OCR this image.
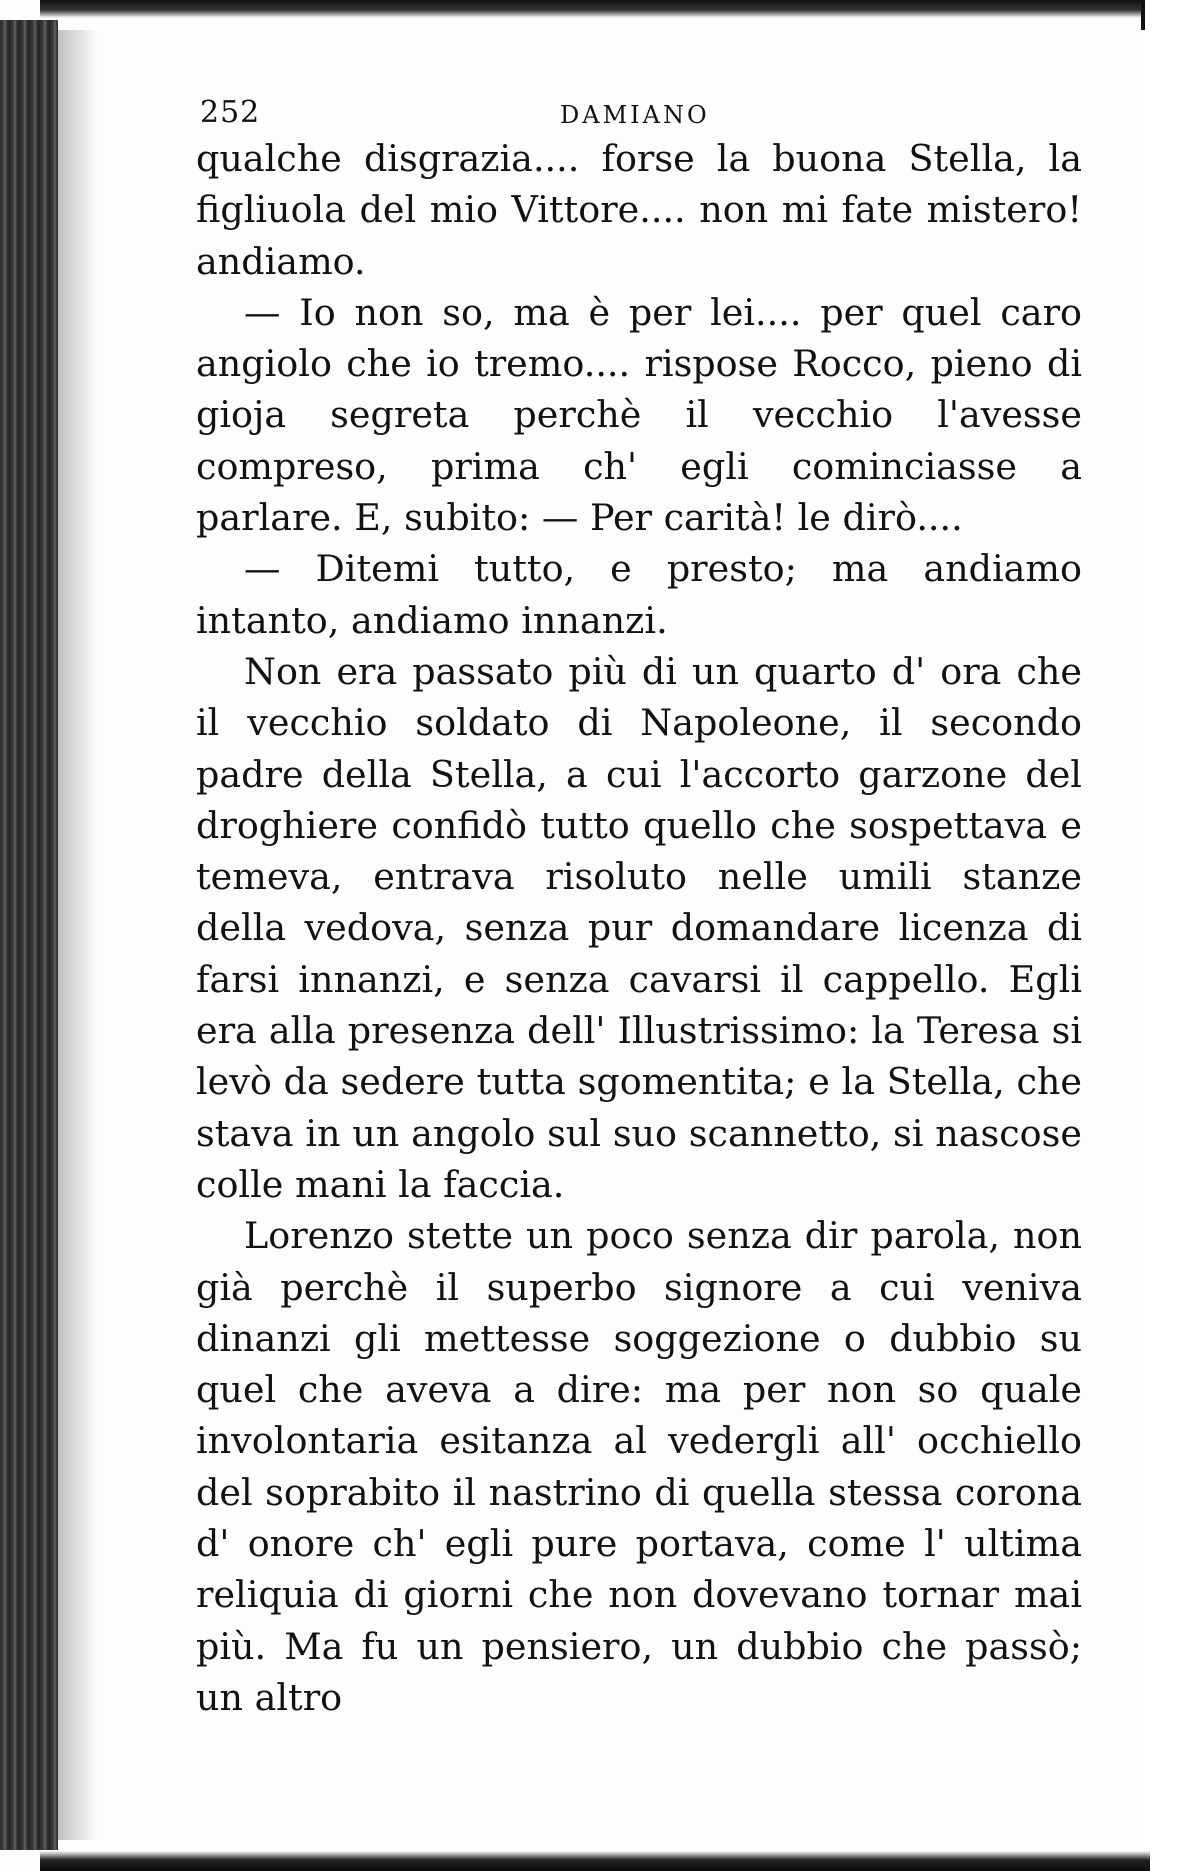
252	DAMIANO

qualche disgrazia.... forse la buona Stella, la figliuola del mio Vittore.... non mi fate mistero! andiamo.

— Io non so, ma è per lei.... per quel caro angiolo che io tremo.... rispose Rocco, pieno di gioja segreta perchè il vecchio l'avesse compreso, prima ch' egli cominciasse a parlare. E, subito: — Per carità! le dirò....

— Ditemi tutto, e presto; ma andiamo intanto, andiamo innanzi.

Non era passato più di un quarto d' ora che il vecchio soldato di Napoleone, il secondo padre della Stella, a cui l'accorto garzone del droghiere confidò tutto quello che sospettava e temeva, entrava risoluto nelle umili stanze della vedova, senza pur domandare licenza di farsi innanzi, e senza cavarsi il cappello. Egli era alla presenza dell' Illustrissimo: la Teresa si levò da sedere tutta sgomentita; e la Stella, che stava in un angolo sul suo scannetto, si nascose colle mani la faccia.

Lorenzo stette un poco senza dir parola, non già perchè il superbo signore a cui veniva dinanzi gli mettesse soggezione o dubbio su quel che aveva a dire: ma per non so quale involontaria esitanza al vedergli all' occhiello del soprabito il nastrino di quella stessa corona d' onore ch' egli pure portava, come l' ultima reliquia di giorni che non dovevano tornar mai più. Ma fu un pensiero, un dubbio che passò; un altro
